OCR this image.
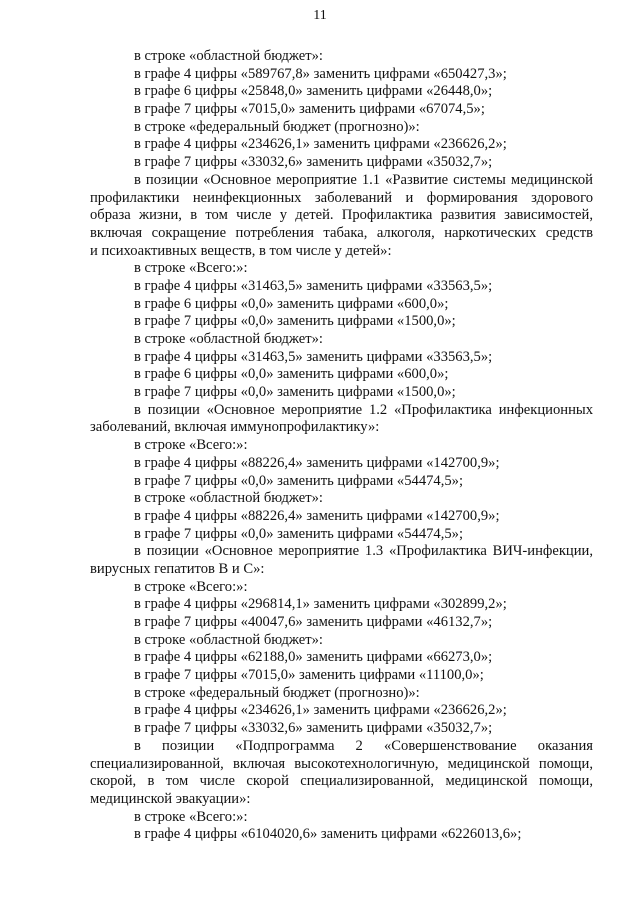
11
в строке «областной бюджет»:
в графе 4 цифры «589767,8» заменить цифрами «650427,3»;
в графе 6 цифры «25848,0» заменить цифрами «26448,0»;
в графе 7 цифры «7015,0» заменить цифрами «67074,5»;
в строке «федеральный бюджет (прогнозно)»:
в графе 4 цифры «234626,1» заменить цифрами «236626,2»;
в графе 7 цифры «33032,6» заменить цифрами «35032,7»;
в позиции «Основное мероприятие 1.1 «Развитие системы медицинской
профилактики неинфекционных заболеваний и формирования здорового
образа жизни, в том числе у детей. Профилактика развития зависимостей,
включая сокращение потребления табака, алкоголя, наркотических средств
и психоактивных веществ, в том числе у детей»:
в строке «Всего:»:
в графе 4 цифры «31463,5» заменить цифрами «33563,5»;
в графе 6 цифры «0,0» заменить цифрами «600,0»;
в графе 7 цифры «0,0» заменить цифрами «1500,0»;
в строке «областной бюджет»:
в графе 4 цифры «31463,5» заменить цифрами «33563,5»;
в графе 6 цифры «0,0» заменить цифрами «600,0»;
в графе 7 цифры «0,0» заменить цифрами «1500,0»;
в позиции «Основное мероприятие 1.2 «Профилактика инфекционных
заболеваний, включая иммунопрофилактику»:
в строке «Всего:»:
в графе 4 цифры «88226,4» заменить цифрами «142700,9»;
в графе 7 цифры «0,0» заменить цифрами «54474,5»;
в строке «областной бюджет»:
в графе 4 цифры «88226,4» заменить цифрами «142700,9»;
в графе 7 цифры «0,0» заменить цифрами «54474,5»;
в позиции «Основное мероприятие 1.3 «Профилактика ВИЧ-инфекции,
вирусных гепатитов В и С»:
в строке «Всего:»:
в графе 4 цифры «296814,1» заменить цифрами «302899,2»;
в графе 7 цифры «40047,6» заменить цифрами «46132,7»;
в строке «областной бюджет»:
в графе 4 цифры «62188,0» заменить цифрами «66273,0»;
в графе 7 цифры «7015,0» заменить цифрами «11100,0»;
в строке «федеральный бюджет (прогнозно)»:
в графе 4 цифры «234626,1» заменить цифрами «236626,2»;
в графе 7 цифры «33032,6» заменить цифрами «35032,7»;
в позиции «Подпрограмма 2 «Совершенствование оказания
специализированной, включая высокотехнологичную, медицинской помощи,
скорой, в том числе скорой специализированной, медицинской помощи,
медицинской эвакуации»:
в строке «Всего:»:
в графе 4 цифры «6104020,6» заменить цифрами «6226013,6»;
